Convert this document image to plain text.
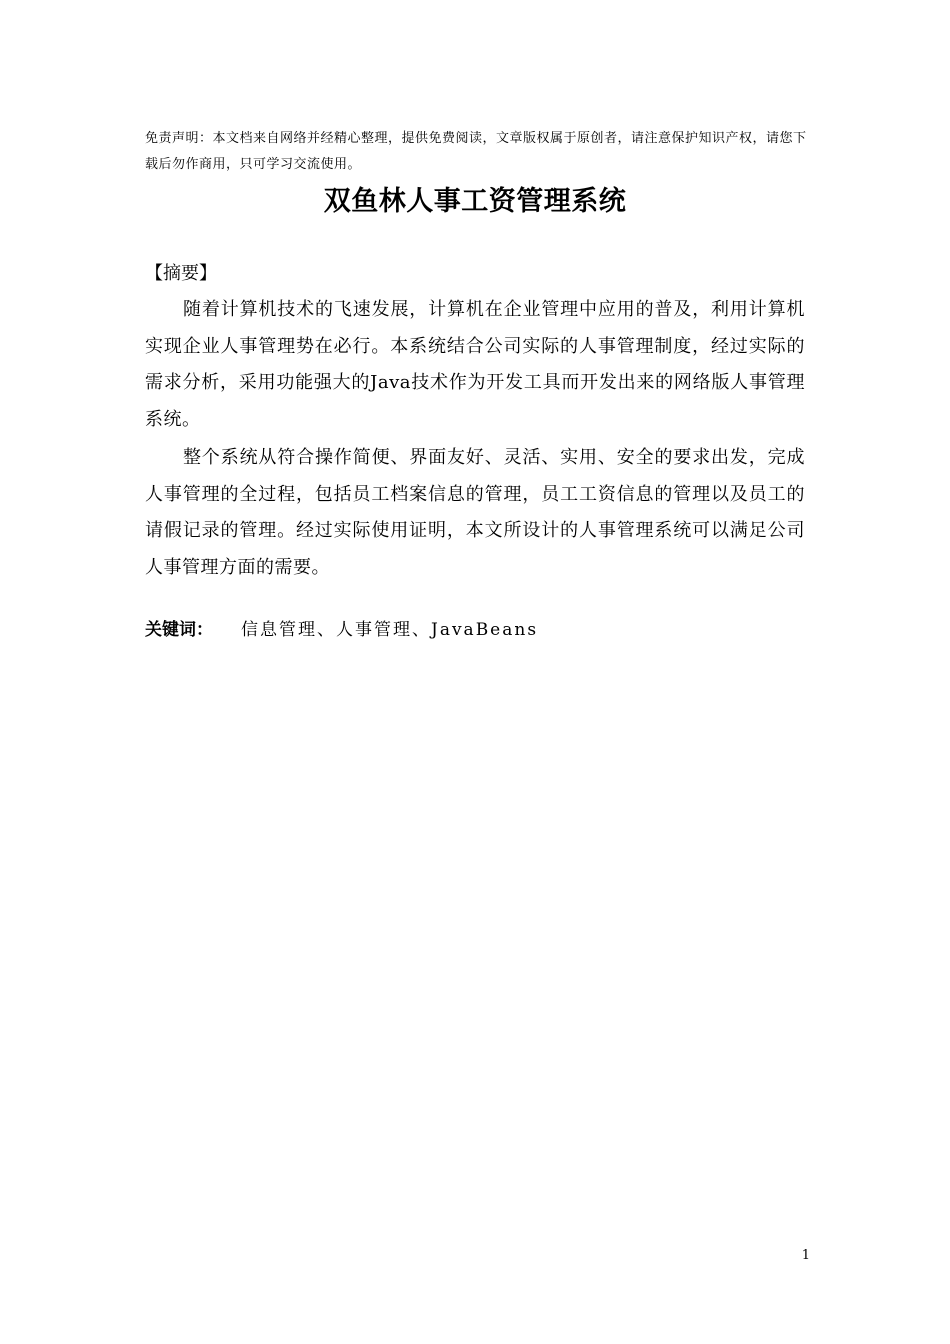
免责声明：本文档来自网络并经精心整理，提供免费阅读，文章版权属于原创者，请注意保护知识产权，请您下载后勿作商用，只可学习交流使用。
双鱼林人事工资管理系统
【摘要】

随着计算机技术的飞速发展，计算机在企业管理中应用的普及，利用计算机实现企业人事管理势在必行。本系统结合公司实际的人事管理制度，经过实际的需求分析，采用功能强大的Java技术作为开发工具而开发出来的网络版人事管理系统。

整个系统从符合操作简便、界面友好、灵活、实用、安全的要求出发，完成人事管理的全过程，包括员工档案信息的管理，员工工资信息的管理以及员工的请假记录的管理。经过实际使用证明，本文所设计的人事管理系统可以满足公司人事管理方面的需要。

关键词： 信息管理、人事管理、JavaBeans
1
